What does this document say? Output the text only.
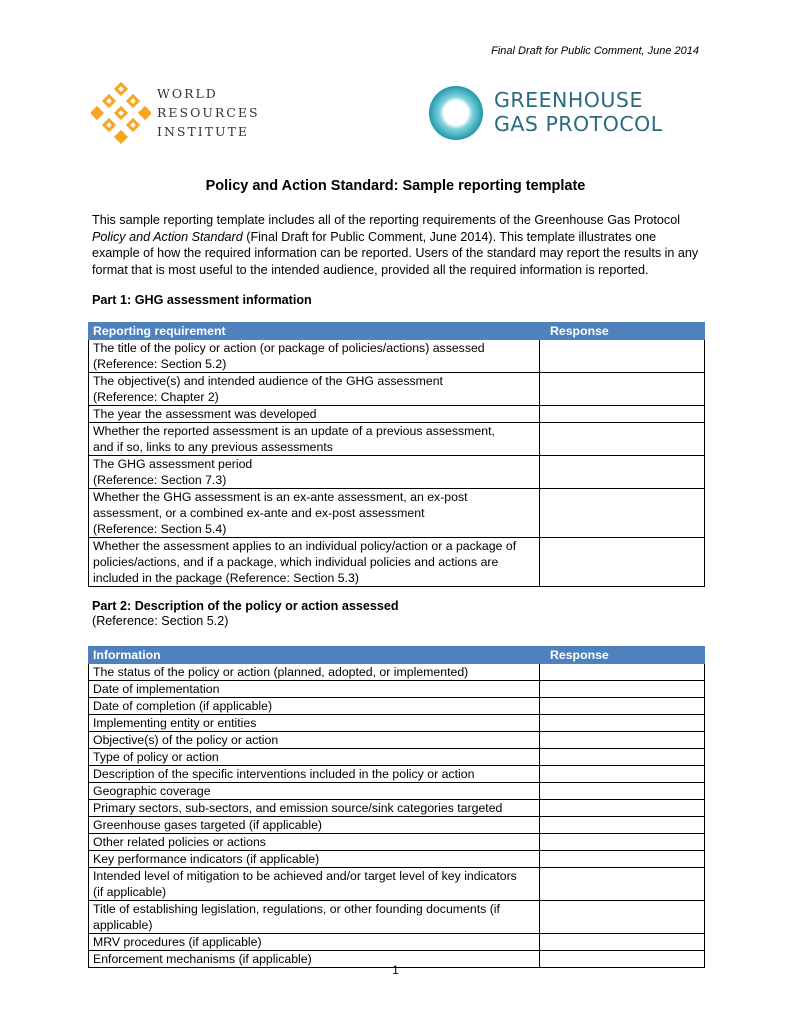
Final Draft for Public Comment, June 2014
WORLD
RESOURCES
INSTITUTE
GREENHOUSE
GAS PROTOCOL
Policy and Action Standard: Sample reporting template
This sample reporting template includes all of the reporting requirements of the Greenhouse Gas Protocol Policy and Action Standard (Final Draft for Public Comment, June 2014). This template illustrates one example of how the required information can be reported. Users of the standard may report the results in any format that is most useful to the intended audience, provided all the required information is reported.
Part 1: GHG assessment information
Reporting requirement	Response

The title of the policy or action (or package of policies/actions) assessed
(Reference: Section 5.2)	

The objective(s) and intended audience of the GHG assessment
(Reference: Chapter 2)	

The year the assessment was developed	

Whether the reported assessment is an update of a previous assessment,
and if so, links to any previous assessments	

The GHG assessment period
(Reference: Section 7.3)	

Whether the GHG assessment is an ex-ante assessment, an ex-post
assessment, or a combined ex-ante and ex-post assessment
(Reference: Section 5.4)	

Whether the assessment applies to an individual policy/action or a package of
policies/actions, and if a package, which individual policies and actions are
included in the package (Reference: Section 5.3)	

Part 2: Description of the policy or action assessed
(Reference: Section 5.2)
Information	Response

The status of the policy or action (planned, adopted, or implemented)	

Date of implementation	

Date of completion (if applicable)	

Implementing entity or entities	

Objective(s) of the policy or action	

Type of policy or action	

Description of the specific interventions included in the policy or action	

Geographic coverage	

Primary sectors, sub-sectors, and emission source/sink categories targeted	

Greenhouse gases targeted (if applicable)	

Other related policies or actions	

Key performance indicators (if applicable)	

Intended level of mitigation to be achieved and/or target level of key indicators
(if applicable)	

Title of establishing legislation, regulations, or other founding documents (if
applicable)	

MRV procedures (if applicable)	

Enforcement mechanisms (if applicable)	

1
